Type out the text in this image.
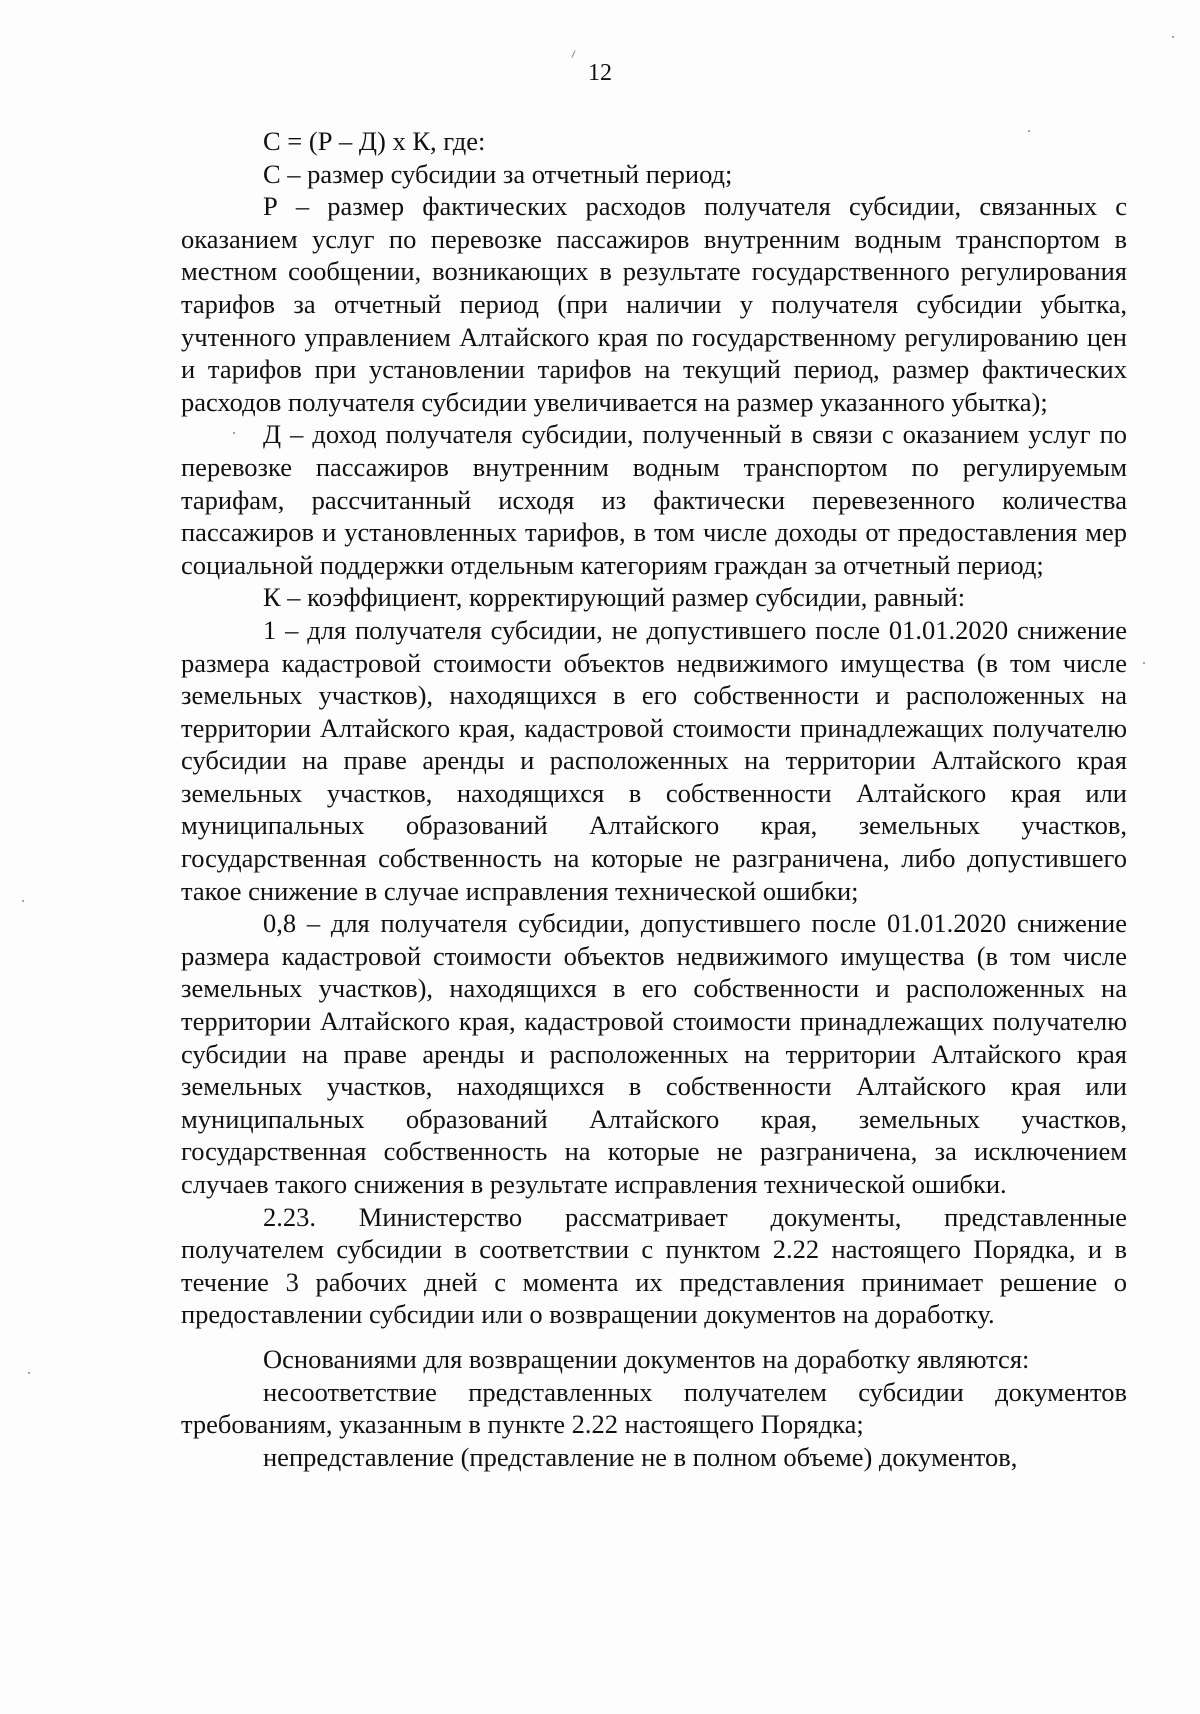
12

С = (Р – Д) х К, где:

С – размер субсидии за отчетный период;

Р – размер фактических расходов получателя субсидии, связанных с оказанием услуг по перевозке пассажиров внутренним водным транспортом в местном сообщении, возникающих в результате государственного регулирования тарифов за отчетный период (при наличии у получателя субсидии убытка, учтенного управлением Алтайского края по государственному регулированию цен и тарифов при установлении тарифов на текущий период, размер фактических расходов получателя субсидии увеличивается на размер указанного убытка);

Д – доход получателя субсидии, полученный в связи с оказанием услуг по перевозке пассажиров внутренним водным транспортом по регулируемым тарифам, рассчитанный исходя из фактически перевезенного количества пассажиров и установленных тарифов, в том числе доходы от предоставления мер социальной поддержки отдельным категориям граждан за отчетный период;

К – коэффициент, корректирующий размер субсидии, равный:

1 – для получателя субсидии, не допустившего после 01.01.2020 снижение размера кадастровой стоимости объектов недвижимого имущества (в том числе земельных участков), находящихся в его собственности и расположенных на территории Алтайского края, кадастровой стоимости принадлежащих получателю субсидии на праве аренды и расположенных на территории Алтайского края земельных участков, находящихся в собственности Алтайского края или муниципальных образований Алтайского края, земельных участков, государственная собственность на которые не разграничена, либо допустившего такое снижение в случае исправления технической ошибки;

0,8 – для получателя субсидии, допустившего после 01.01.2020 снижение размера кадастровой стоимости объектов недвижимого имущества (в том числе земельных участков), находящихся в его собственности и расположенных на территории Алтайского края, кадастровой стоимости принадлежащих получателю субсидии на праве аренды и расположенных на территории Алтайского края земельных участков, находящихся в собственности Алтайского края или муниципальных образований Алтайского края, земельных участков, государственная собственность на которые не разграничена, за исключением случаев такого снижения в результате исправления технической ошибки.

2.23. Министерство рассматривает документы, представленные получателем субсидии в соответствии с пунктом 2.22 настоящего Порядка, и в течение 3 рабочих дней с момента их представления принимает решение о предоставлении субсидии или о возвращении документов на доработку.

Основаниями для возвращении документов на доработку являются:

несоответствие представленных получателем субсидии документов требованиям, указанным в пункте 2.22 настоящего Порядка;

непредставление (представление не в полном объеме) документов,
